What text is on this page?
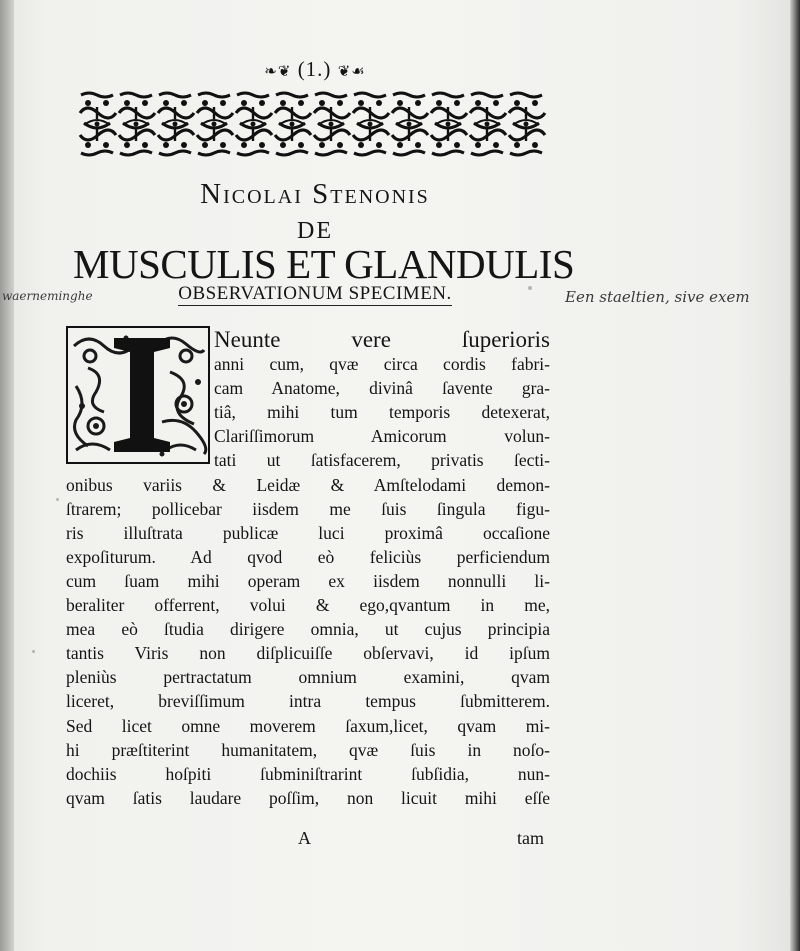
❧❦ (1.) ❦☙
Nicolai Stenonis
DE
MUSCULIS ET GLANDULIS
OBSERVATIONUM SPECIMEN.
waerneminghe	Een staeltien, sive exem
Neunte vere ſuperioris
anni cum, qvæ circa cordis fabri-
cam Anatome, divinâ ſavente gra-
tiâ, mihi tum temporis detexerat,
Clariſſimorum Amicorum volun-
tati ut ſatisfacerem, privatis ſecti-
onibus variis & Leidæ & Amſtelodami demon-
ſtrarem; pollicebar iisdem me ſuis ſingula figu-
ris illuſtrata publicæ luci proximâ occaſione
expoſiturum. Ad qvod eò feliciùs perficiendum
cum ſuam mihi operam ex iisdem nonnulli li-
beraliter offerrent, volui & ego,qvantum in me,
mea eò ſtudia dirigere omnia, ut cujus principia
tantis Viris non diſplicuiſſe obſervavi, id ipſum
pleniùs pertractatum omnium examini, qvam
liceret, breviſſimum intra tempus ſubmitterem.
Sed licet omne moverem ſaxum,licet, qvam mi-
hi præſtiterint humanitatem, qvæ ſuis in noſo-
dochiis hoſpiti ſubminiſtrarint ſubſidia, nun-
qvam ſatis laudare poſſim, non licuit mihi eſſe
A	tam
